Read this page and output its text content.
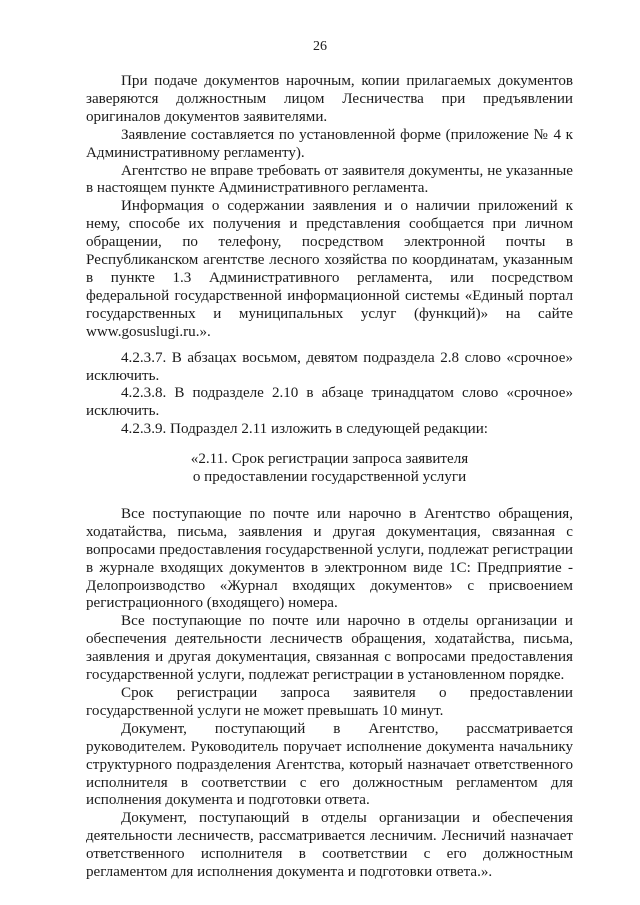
26

При подаче документов нарочным, копии прилагаемых документов заверяются должностным лицом Лесничества при предъявлении оригиналов документов заявителями.

Заявление составляется по установленной форме (приложение № 4 к Административному регламенту).

Агентство не вправе требовать от заявителя документы, не указанные в настоящем пункте Административного регламента.

Информация о содержании заявления и о наличии приложений к нему, способе их получения и представления сообщается при личном обращении, по телефону, посредством электронной почты в Республиканском агентстве лесного хозяйства по координатам, указанным в пункте 1.3 Административного регламента, или посредством федеральной государственной информационной системы «Единый портал государственных и муниципальных услуг (функций)» на сайте www.gosuslugi.ru.».

4.2.3.7. В абзацах восьмом, девятом подраздела 2.8 слово «срочное» исключить.

4.2.3.8. В подразделе 2.10 в абзаце тринадцатом слово «срочное» исключить.

4.2.3.9. Подраздел 2.11 изложить в следующей редакции:

«2.11. Срок регистрации запроса заявителя
о предоставлении государственной услуги

Все поступающие по почте или нарочно в Агентство обращения, ходатайства, письма, заявления и другая документация, связанная с вопросами предоставления государственной услуги, подлежат регистрации в журнале входящих документов в электронном виде 1С: Предприятие - Делопроизводство «Журнал входящих документов» с присвоением регистрационного (входящего) номера.

Все поступающие по почте или нарочно в отделы организации и обеспечения деятельности лесничеств обращения, ходатайства, письма, заявления и другая документация, связанная с вопросами предоставления государственной услуги, подлежат регистрации в установленном порядке.

Срок регистрации запроса заявителя о предоставлении государственной услуги не может превышать 10 минут.

Документ, поступающий в Агентство, рассматривается руководителем. Руководитель поручает исполнение документа начальнику структурного подразделения Агентства, который назначает ответственного исполнителя в соответствии с его должностным регламентом для исполнения документа и подготовки ответа.

Документ, поступающий в отделы организации и обеспечения деятельности лесничеств, рассматривается лесничим. Лесничий назначает ответственного исполнителя в соответствии с его должностным регламентом для исполнения документа и подготовки ответа.».
